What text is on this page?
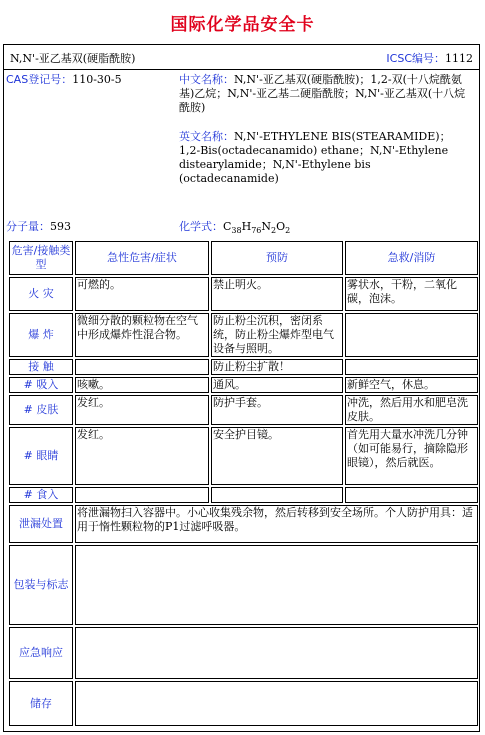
国际化学品安全卡
N,N'-亚乙基双(硬脂酰胺)	ICSC编号：1112
CAS登记号：110-30-5	中文名称：N,N'-亚乙基双(硬脂酰胺)；1,2-双(十八烷酰氨基)乙烷；N,N'-亚乙基二硬脂酰胺；N,N'-亚乙基双(十八烷酰胺)
英文名称：N,N'-ETHYLENE BIS(STEARAMIDE)；1,2-Bis(octadecanamido) ethane；N,N'-Ethylene distearylamide；N,N'-Ethylene bis (octadecanamide)
分子量：593	化学式：$C_{38}H_{76}N_2O_2$
危害/接触类型	急性危害/症状	预防	急救/消防
火 灾	可燃的。	禁止明火。	雾状水，干粉，二氧化碳，泡沫。
爆 炸	微细分散的颗粒物在空气中形成爆炸性混合物。	防止粉尘沉积，密闭系统，防止粉尘爆炸型电气设备与照明。	
接 触		防止粉尘扩散！	
# 吸入	咳嗽。	通风。	新鲜空气，休息。
# 皮肤	发红。	防护手套。	冲洗，然后用水和肥皂洗皮肤。
# 眼睛	发红。	安全护目镜。	首先用大量水冲洗几分钟（如可能易行，摘除隐形眼镜），然后就医。
# 食入			
泄漏处置	将泄漏物扫入容器中。小心收集残余物，然后转移到安全场所。个人防护用具：适用于惰性颗粒物的P1过滤呼吸器。		
包装与标志			
应急响应			
储存			
